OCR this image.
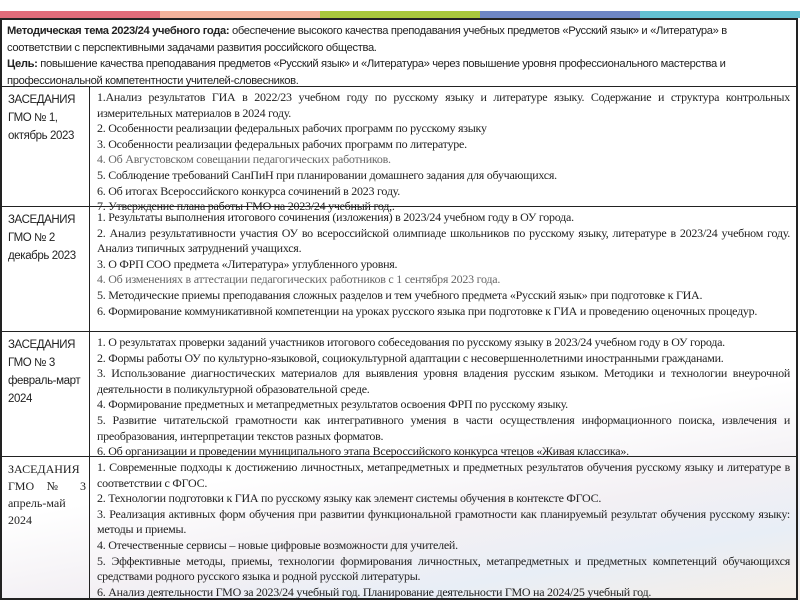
Методическая тема 2023/24 учебного года: обеспечение высокого качества преподавания учебных предметов «Русский язык» и «Литература» в соответствии с перспективными задачами развития российского общества.
Цель: повышение качества преподавания предметов «Русский язык» и «Литература» через повышение уровня профессионального мастерства и профессиональной компетентности учителей-словесников.
ЗАСЕДАНИЯ ГМО № 1, октябрь 2023

1.Анализ результатов ГИА в 2022/23 учебном году по русскому языку и литературе языку. Содержание и структура контрольных измерительных материалов в 2024 году.

2. Особенности реализации федеральных рабочих программ по русскому языку

3. Особенности реализации федеральных рабочих программ по литературе.

4. Об Августовском совещании педагогических работников.

5. Соблюдение требований СанПиН при планировании домашнего задания для обучающихся.

6. Об итогах Всероссийского конкурса сочинений в 2023 году.

7. Утверждение плана работы ГМО на 2023/24 учебный год,.

ЗАСЕДАНИЯ ГМО № 2 декабрь 2023

1. Результаты выполнения итогового сочинения (изложения) в 2023/24 учебном году в ОУ города.

2. Анализ результативности участия ОУ во всероссийской олимпиаде школьников по русскому языку, литературе в 2023/24 учебном году. Анализ типичных затруднений учащихся.

3. О ФРП СОО предмета «Литература» углубленного уровня.

4. Об изменениях в аттестации педагогических работников с 1 сентября 2023 года.

5. Методические приемы преподавания сложных разделов и тем учебного предмета «Русский язык» при подготовке к ГИА.

6. Формирование коммуникативной компетенции на уроках русского языка при подготовке к ГИА и проведению оценочных процедур.

ЗАСЕДАНИЯ ГМО № 3 февраль-март 2024

1. О результатах проверки заданий участников итогового собеседования по русскому языку в 2023/24 учебном году в ОУ города.

2. Формы работы ОУ по культурно-языковой, социокультурной адаптации с несовершеннолетними иностранными гражданами.

3. Использование диагностических материалов для выявления уровня владения русским языком. Методики и технологии внеурочной деятельности в поликультурной образовательной среде.

4. Формирование предметных и метапредметных результатов освоения ФРП по русскому языку.

5. Развитие читательской грамотности как интегративного умения в части осуществления информационного поиска, извлечения и преобразования, интерпретации текстов разных форматов.

6. Об организации и проведении муниципального этапа Всероссийского конкурса чтецов «Живая классика».

ЗАСЕДАНИЯ ГМО № 3 апрель-май 2024

1. Современные подходы к достижению личностных, метапредметных и предметных результатов обучения русскому языку и литературе в соответствии с ФГОС.

2. Технологии подготовки к ГИА по русскому языку как элемент системы обучения в контексте ФГОС.

3. Реализация активных форм обучения при развитии функциональной грамотности как планируемый результат обучения русскому языку: методы и приемы.

4. Отечественные сервисы – новые цифровые возможности для учителей.

5. Эффективные методы, приемы, технологии формирования личностных, метапредметных и предметных компетенций обучающихся средствами родного русского языка и родной русской литературы.

6. Анализ деятельности ГМО за 2023/24 учебный год. Планирование деятельности ГМО на 2024/25 учебный год.
